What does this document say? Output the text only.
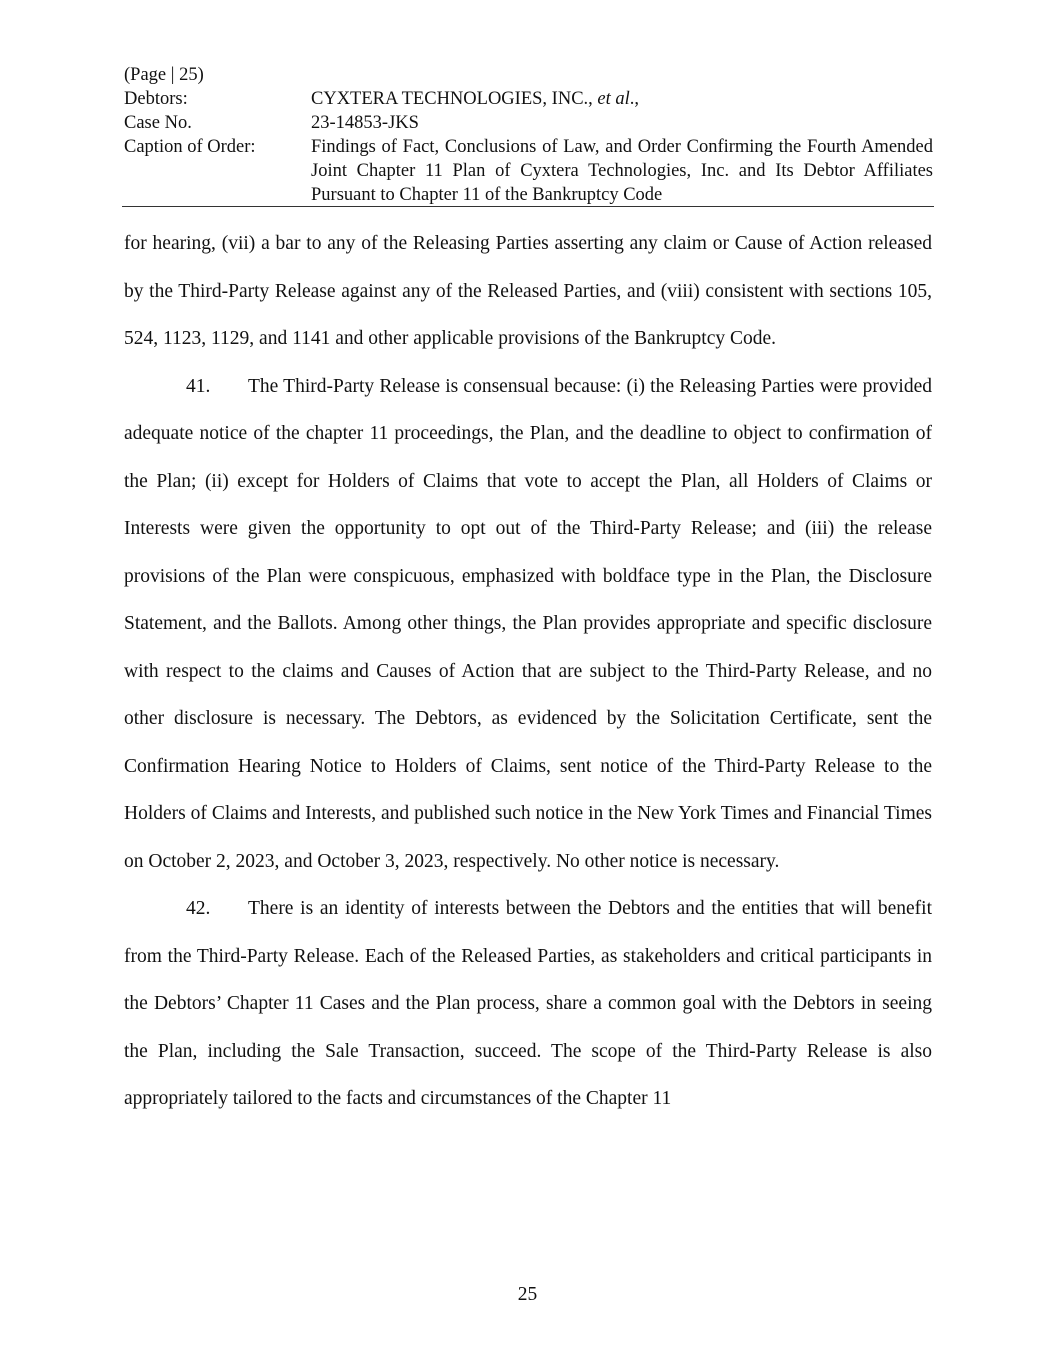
(Page | 25)
Debtors:	CYXTERA TECHNOLOGIES, INC., et al.,
Case No.	23-14853-JKS
Caption of Order:	Findings of Fact, Conclusions of Law, and Order Confirming the Fourth Amended Joint Chapter 11 Plan of Cyxtera Technologies, Inc. and Its Debtor Affiliates Pursuant to Chapter 11 of the Bankruptcy Code

for hearing, (vii) a bar to any of the Releasing Parties asserting any claim or Cause of Action released by the Third-Party Release against any of the Released Parties, and (viii) consistent with sections 105, 524, 1123, 1129, and 1141 and other applicable provisions of the Bankruptcy Code.

41. The Third-Party Release is consensual because: (i) the Releasing Parties were provided adequate notice of the chapter 11 proceedings, the Plan, and the deadline to object to confirmation of the Plan; (ii) except for Holders of Claims that vote to accept the Plan, all Holders of Claims or Interests were given the opportunity to opt out of the Third-Party Release; and (iii) the release provisions of the Plan were conspicuous, emphasized with boldface type in the Plan, the Disclosure Statement, and the Ballots. Among other things, the Plan provides appropriate and specific disclosure with respect to the claims and Causes of Action that are subject to the Third-Party Release, and no other disclosure is necessary. The Debtors, as evidenced by the Solicitation Certificate, sent the Confirmation Hearing Notice to Holders of Claims, sent notice of the Third-Party Release to the Holders of Claims and Interests, and published such notice in the New York Times and Financial Times on October 2, 2023, and October 3, 2023, respectively. No other notice is necessary.

42. There is an identity of interests between the Debtors and the entities that will benefit from the Third-Party Release. Each of the Released Parties, as stakeholders and critical participants in the Debtors’ Chapter 11 Cases and the Plan process, share a common goal with the Debtors in seeing the Plan, including the Sale Transaction, succeed. The scope of the Third-Party Release is also appropriately tailored to the facts and circumstances of the Chapter 11

25
